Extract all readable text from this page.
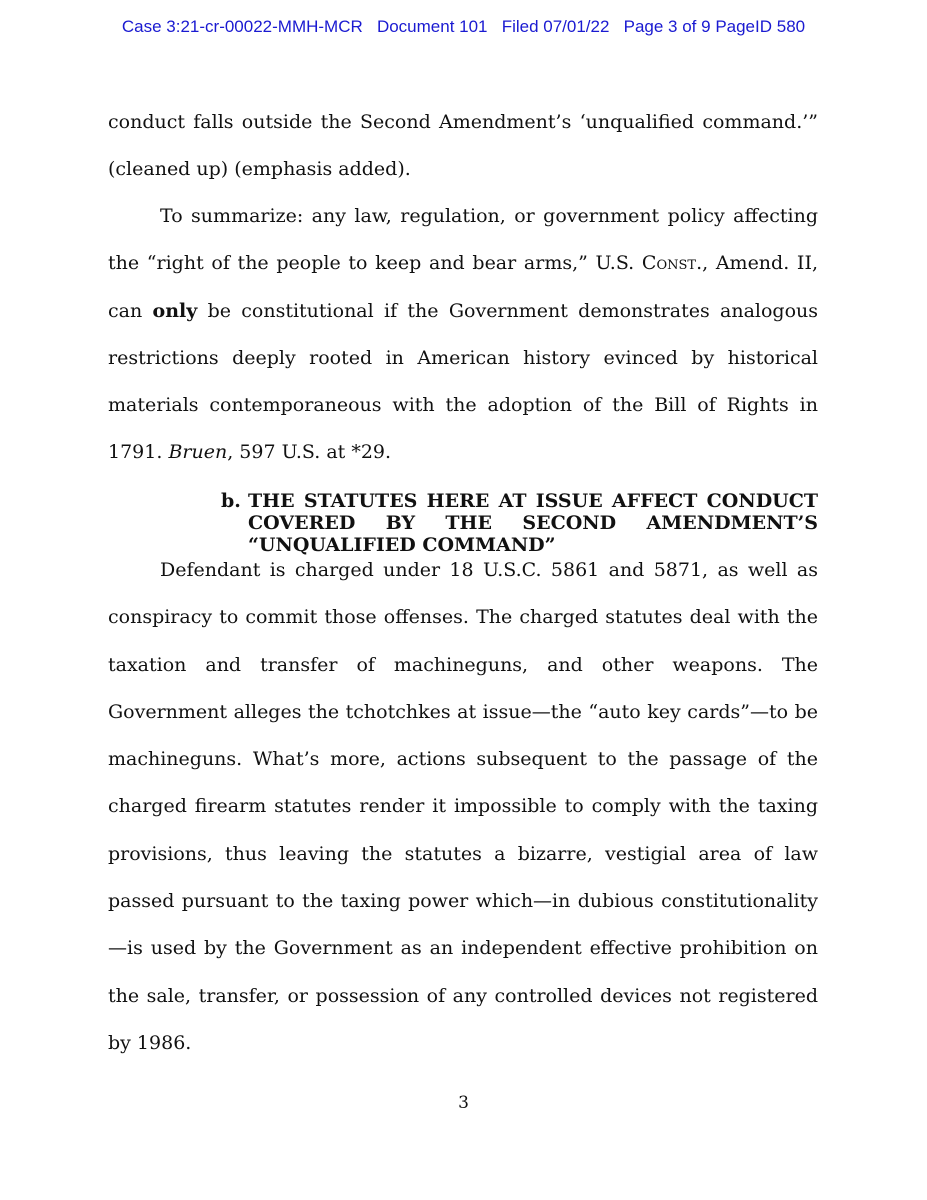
Case 3:21-cr-00022-MMH-MCR Document 101 Filed 07/01/22 Page 3 of 9 PageID 580

conduct falls outside the Second Amendment’s ‘unqualified command.’” (cleaned up) (emphasis added).

To summarize: any law, regulation, or government policy affecting the “right of the people to keep and bear arms,” U.S. Const., Amend. II, can only be constitutional if the Government demonstrates analogous restrictions deeply rooted in American history evinced by historical materials contemporaneous with the adoption of the Bill of Rights in 1791. Bruen, 597 U.S. at *29.

b. THE STATUTES HERE AT ISSUE AFFECT CONDUCT COVERED BY THE SECOND AMENDMENT’S “UNQUALIFIED COMMAND”

Defendant is charged under 18 U.S.C. 5861 and 5871, as well as conspiracy to commit those offenses. The charged statutes deal with the taxation and transfer of machineguns, and other weapons. The Government alleges the tchotchkes at issue—the “auto key cards”—to be machineguns. What’s more, actions subsequent to the passage of the charged firearm statutes render it impossible to comply with the taxing provisions, thus leaving the statutes a bizarre, vestigial area of law passed pursuant to the taxing power which—in dubious constitutionality—is used by the Government as an independent effective prohibition on the sale, transfer, or possession of any controlled devices not registered by 1986.

3
